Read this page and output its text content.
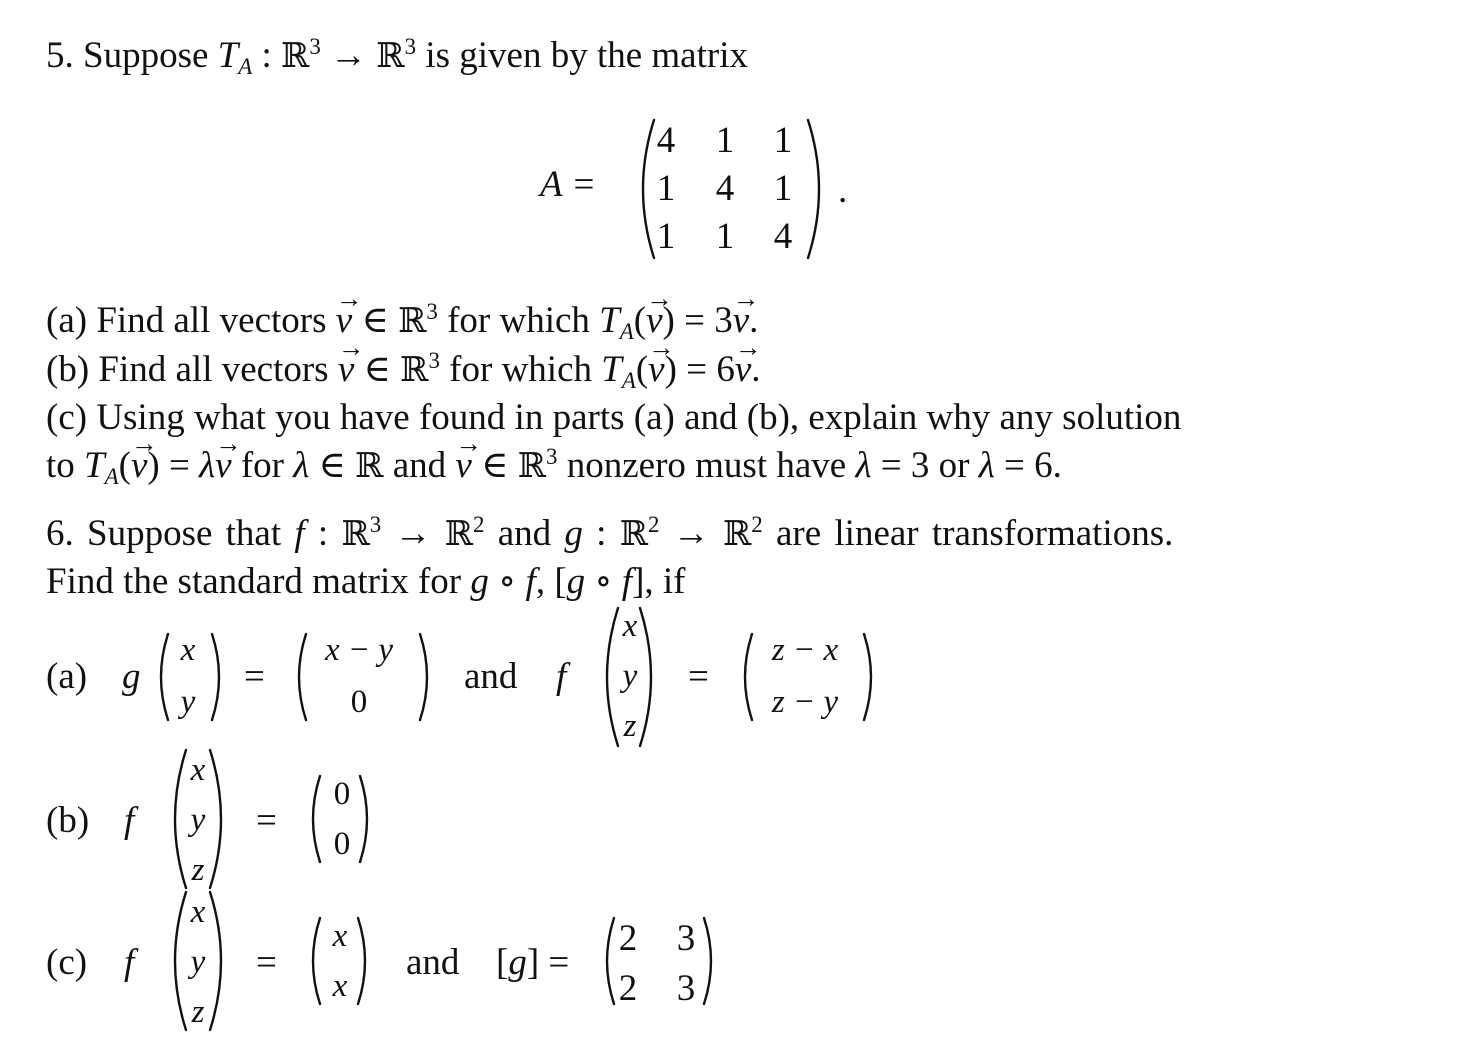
5. Suppose TA : ℝ$^3$ → ℝ$^3$ is given by the matrix
A =
4 1 1
1 4 1
1 1 4
.
(a) Find all vectors → v ∈ ℝ$^3$ for which TA(→ v) = 3→ v.
(b) Find all vectors → v ∈ ℝ$^3$ for which TA(→ v) = 6→ v.
(c) Using what you have found in parts (a) and (b), explain why any solution
to TA(→ v) = λ→ v for λ ∈ ℝ and → v ∈ ℝ$^3$ nonzero must have λ = 3 or λ = 6.
6. Suppose that f : ℝ$^3$ → ℝ$^2$ and g : ℝ$^2$ → ℝ$^2$ are linear transformations.
Find the standard matrix for g ∘ f, [g ∘ f], if
(a) g
x
y
=
x − y
0
and f
x
y
z
=
z − x
z − y
(b) f
x
y
z
=
0
0
(c) f
x
y
z
=
x
x
and [g] =
2 3
2 3
